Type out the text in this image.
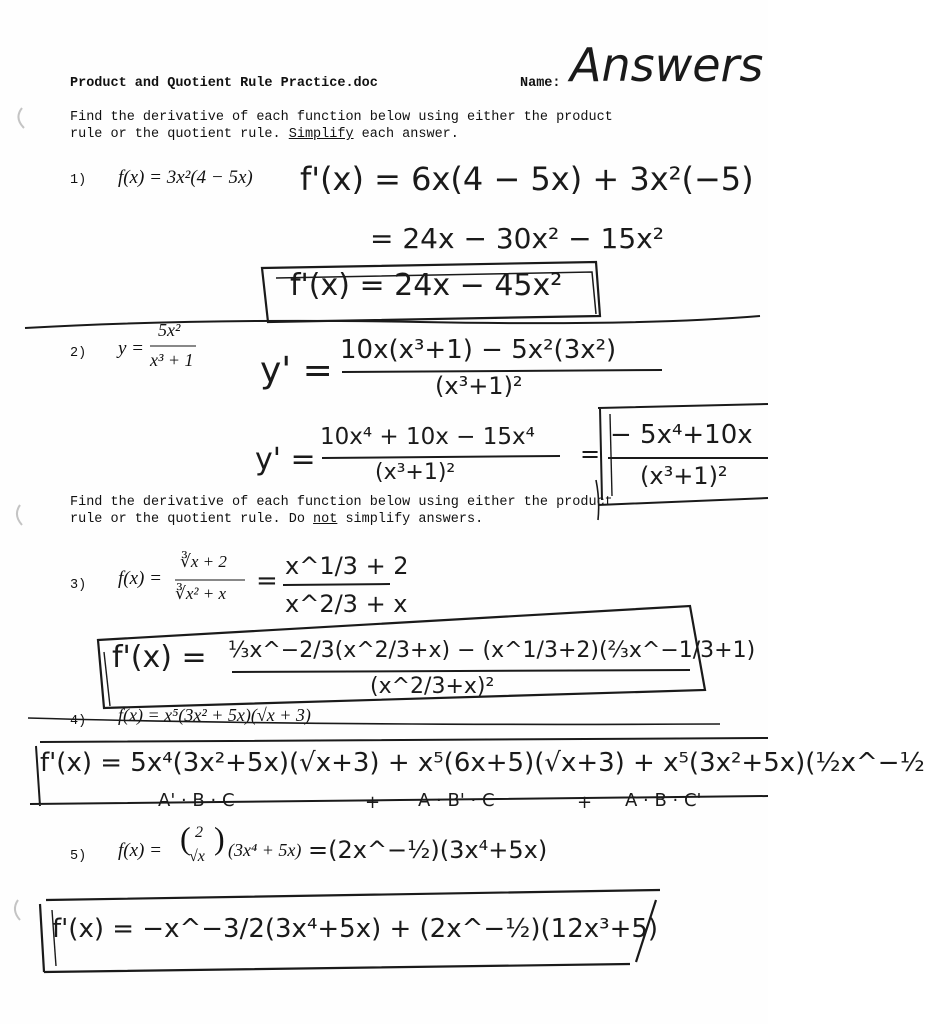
Product and Quotient Rule Practice.doc	Name: Answers
Find the derivative of each function below using either the product
rule or the quotient rule. Simplify each answer.
1) f(x) = 3x²(4 − 5x) f'(x) = 6x(4 − 5x) + 3x²(−5)
= 24x − 30x² − 15x²
f'(x) = 24x − 45x²
2) y =
5x²
x³ + 1 y' = 10x(x³+1) − 5x²(3x²)
(x³+1)²
y' =
10x⁴ + 10x − 15x⁴
(x³+1)²
=
− 5x⁴+10x
(x³+1)²
Find the derivative of each function below using either the product
rule or the quotient rule. Do not simplify answers.
3) f(x) =
∛x + 2
∛x² + x = x^1/3 + 2
x^2/3 + x
f'(x) = ⅓x^−2/3(x^2/3+x) − (x^1/3+2)(⅔x^−1/3+1)
(x^2/3+x)²
4) f(x) = x⁵(3x² + 5x)(√x + 3)
f'(x) = 5x⁴(3x²+5x)(√x+3) + x⁵(6x+5)(√x+3) + x⁵(3x²+5x)(½x^−½
A' · B · C	+ A · B' · C	+ A · B · C'
5) f(x) = ( 2
√x
) (3x⁴ + 5x) =(2x^−½)(3x⁴+5x)
f'(x) = −x^−3/2(3x⁴+5x) + (2x^−½)(12x³+5)
